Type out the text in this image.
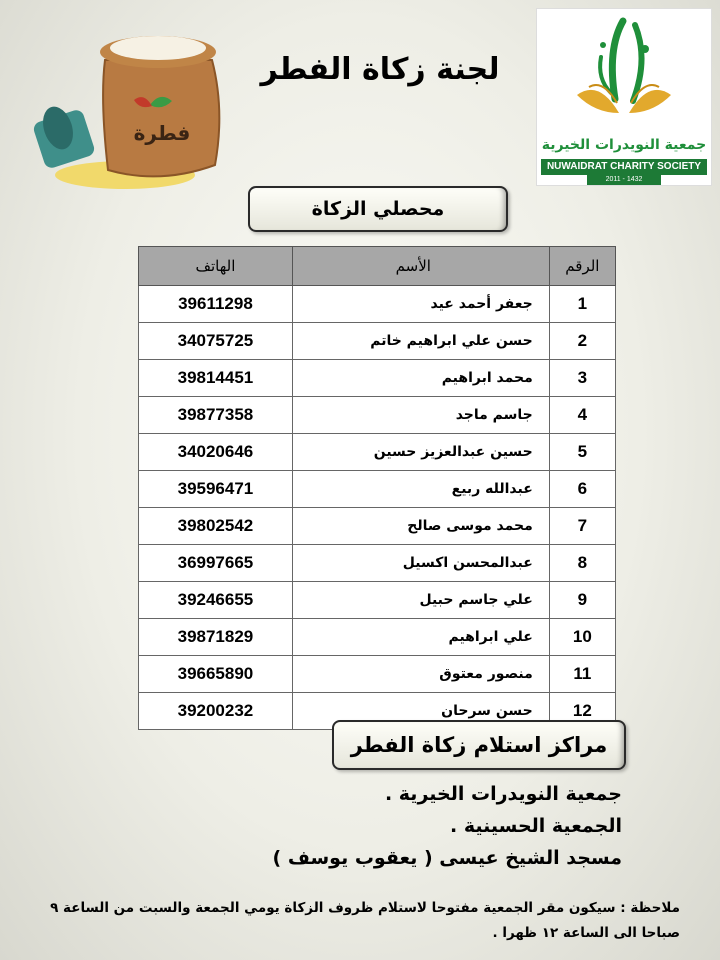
فطرة	جمعية النويدرات الخيرية
NUWAIDRAT CHARITY SOCIETY
2011 - 1432
لجنة زكاة الفطر
محصلي الزكاة
الرقم	الأسم	الهاتف
1	جعفر أحمد عيد	39611298
2	حسن علي ابراهيم خاتم	34075725
3	محمد ابراهيم	39814451
4	جاسم ماجد	39877358
5	حسين عبدالعزيز حسين	34020646
6	عبدالله ربيع	39596471
7	محمد موسى صالح	39802542
8	عبدالمحسن اكسيل	36997665
9	علي جاسم حبيل	39246655
10	علي ابراهيم	39871829
11	منصور معتوق	39665890
12	حسن سرحان	39200232
مراكز استلام زكاة الفطر
جمعية النويدرات الخيرية .
الجمعية الحسينية .
مسجد الشيخ عيسى ( يعقوب يوسف )
ملاحظة : سيكون مقر الجمعية مفتوحا لاستلام ظروف الزكاة يومي الجمعة والسبت من الساعة ٩ صباحا الى الساعة ١٢ ظهرا .
